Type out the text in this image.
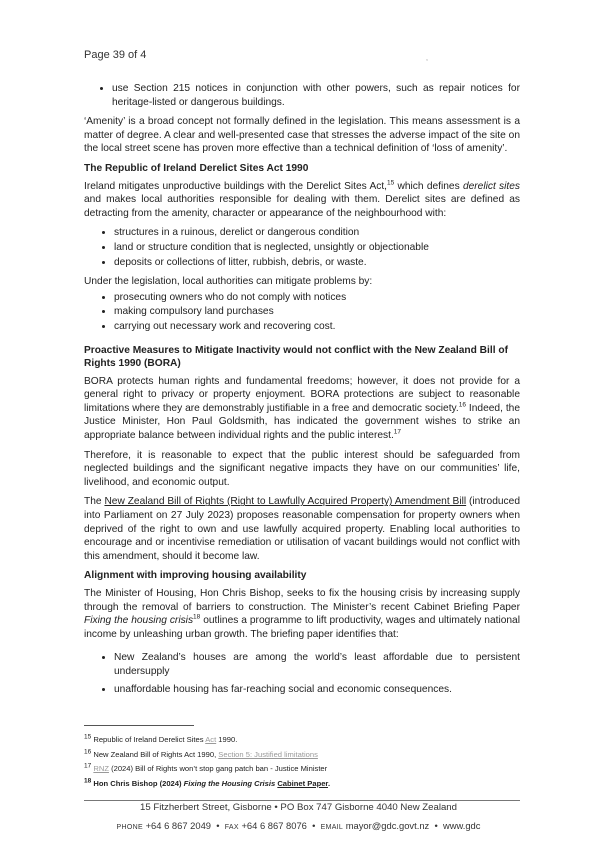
Page 39 of 4	,
• use Section 215 notices in conjunction with other powers, such as repair notices for heritage-listed or dangerous buildings.

‘Amenity’ is a broad concept not formally defined in the legislation. This means assessment is a matter of degree. A clear and well-presented case that stresses the adverse impact of the site on the local street scene has proven more effective than a technical definition of ‘loss of amenity’.

The Republic of Ireland Derelict Sites Act 1990

Ireland mitigates unproductive buildings with the Derelict Sites Act,$^{15}$ which defines derelict sites and makes local authorities responsible for dealing with them. Derelict sites are defined as detracting from the amenity, character or appearance of the neighbourhood with:

• structures in a ruinous, derelict or dangerous condition
• land or structure condition that is neglected, unsightly or objectionable
• deposits or collections of litter, rubbish, debris, or waste.

Under the legislation, local authorities can mitigate problems by:

• prosecuting owners who do not comply with notices
• making compulsory land purchases
• carrying out necessary work and recovering cost.
Proactive Measures to Mitigate Inactivity would not conflict with the New Zealand Bill of Rights 1990 (BORA)

BORA protects human rights and fundamental freedoms; however, it does not provide for a general right to privacy or property enjoyment. BORA protections are subject to reasonable limitations where they are demonstrably justifiable in a free and democratic society.$^{16}$ Indeed, the Justice Minister, Hon Paul Goldsmith, has indicated the government wishes to strike an appropriate balance between individual rights and the public interest.$^{17}$

Therefore, it is reasonable to expect that the public interest should be safeguarded from neglected buildings and the significant negative impacts they have on our communities’ life, livelihood, and economic output.

The New Zealand Bill of Rights (Right to Lawfully Acquired Property) Amendment Bill (introduced into Parliament on 27 July 2023) proposes reasonable compensation for property owners when deprived of the right to own and use lawfully acquired property. Enabling local authorities to encourage and or incentivise remediation or utilisation of vacant buildings would not conflict with this amendment, should it become law.

Alignment with improving housing availability

The Minister of Housing, Hon Chris Bishop, seeks to fix the housing crisis by increasing supply through the removal of barriers to construction. The Minister’s recent Cabinet Briefing Paper Fixing the housing crisis$^{18}$ outlines a programme to lift productivity, wages and ultimately national income by unleashing urban growth. The briefing paper identifies that:

• New Zealand’s houses are among the world’s least affordable due to persistent undersupply
• unaffordable housing has far-reaching social and economic consequences.
$^{15}$ Republic of Ireland Derelict Sites Act 1990.
$^{16}$ New Zealand Bill of Rights Act 1990, Section 5: Justified limitations
$^{17}$ RNZ (2024) Bill of Rights won’t stop gang patch ban - Justice Minister
$^{18}$ Hon Chris Bishop (2024) Fixing the Housing Crisis Cabinet Paper.
15 Fitzherbert Street, Gisborne • PO Box 747 Gisborne 4040 New Zealand
PHONE +64 6 867 2049  •  FAX +64 6 867 8076  •  EMAIL mayor@gdc.govt.nz  •  www.gdc
